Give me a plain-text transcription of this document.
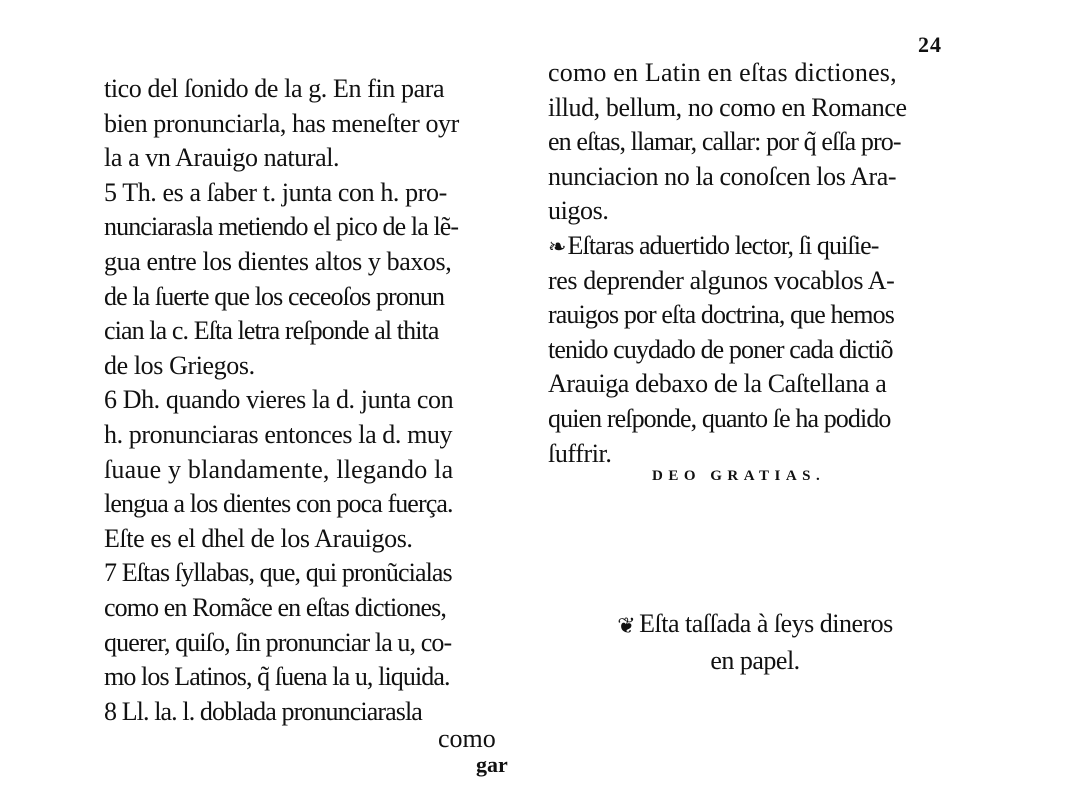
24
tico del ſonido de la g. En fin para
bien pronunciarla, has meneſter oyr
la a vn Arauigo natural.
5 Th. es a ſaber t. junta con h. pro-
nunciarasla metiendo el pico de la lẽ-
gua entre los dientes altos y baxos,
de la ſuerte que los ceceoſos pronun
cian la c. Eſta letra reſponde al thita
de los Griegos.
6 Dh. quando vieres la d. junta con
h. pronunciaras entonces la d. muy
ſuaue y blandamente, llegando la
lengua a los dientes con poca fuerça.
Eſte es el dhel de los Arauigos.
7 Eſtas ſyllabas, que, qui pronũcialas
como en Romãce en eſtas dictiones,
querer, quiſo, ſin pronunciar la u, co-
mo los Latinos, q̃ ſuena la u, liquida.
8 Ll. la. l. doblada pronunciarasla
como
gar
como en Latin en eſtas dictiones,
illud, bellum, no como en Romance
en eſtas, llamar, callar: por q̃ eſſa pro-
nunciacion no la conoſcen los Ara-
uigos.
❧Eſtaras aduertido lector, ſi quiſie-
res deprender algunos vocablos A-
rauigos por eſta doctrina, que hemos
tenido cuydado de poner cada dictiõ
Arauiga debaxo de la Caſtellana a
quien reſponde, quanto ſe ha podido
ſuffrir.
DEO GRATIAS.
❦ Eſta taſſada à ſeys dineros
en papel.
